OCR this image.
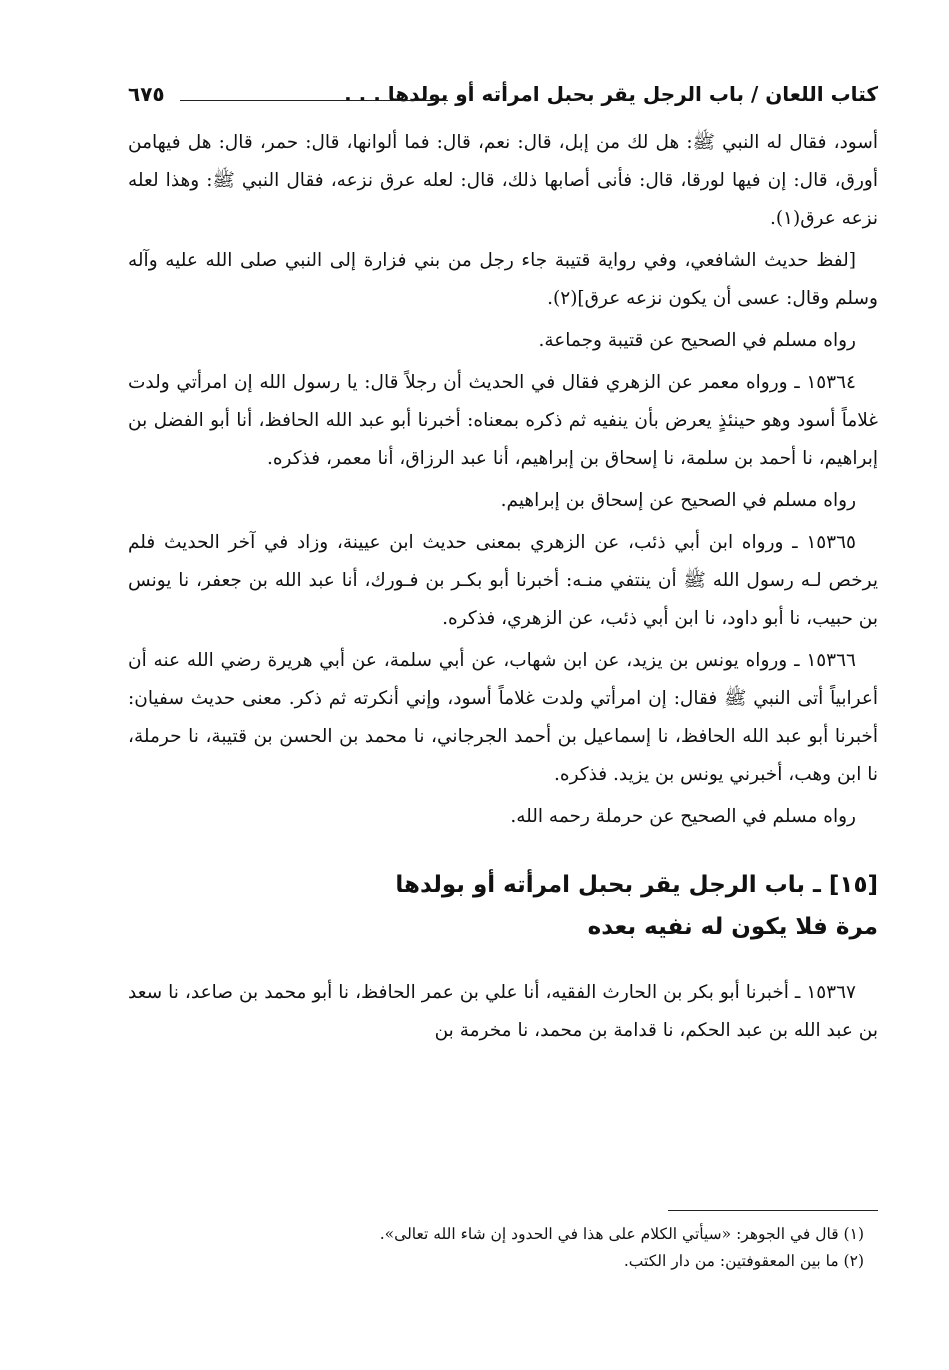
كتاب اللعان / باب الرجل يقر بحبل امرأته أو بولدها . . .
٦٧٥

أسود، فقال له النبي ﷺ: هل لك من إبل، قال: نعم، قال: فما ألوانها، قال: حمر، قال: هل فيهامن أورق، قال: إن فيها لورقا، قال: فأنى أصابها ذلك، قال: لعله عرق نزعه، فقال النبي ﷺ: وهذا لعله نزعه عرق(١).

[لفظ حديث الشافعي، وفي رواية قتيبة جاء رجل من بني فزارة إلى النبي صلى الله عليه وآله وسلم وقال: عسى أن يكون نزعه عرق](٢).

رواه مسلم في الصحيح عن قتيبة وجماعة.

١٥٣٦٤ ـ ورواه معمر عن الزهري فقال في الحديث أن رجلاً قال: يا رسول الله إن امرأتي ولدت غلاماً أسود وهو حينئذٍ يعرض بأن ينفيه ثم ذكره بمعناه: أخبرنا أبو عبد الله الحافظ، أنا أبو الفضل بن إبراهيم، نا أحمد بن سلمة، نا إسحاق بن إبراهيم، أنا عبد الرزاق، أنا معمر، فذكره.

رواه مسلم في الصحيح عن إسحاق بن إبراهيم.

١٥٣٦٥ ـ ورواه ابن أبي ذئب، عن الزهري بمعنى حديث ابن عيينة، وزاد في آخر الحديث فلم يرخص لـه رسول الله ﷺ أن ينتفي منـه: أخبرنا أبو بكـر بن فـورك، أنا عبد الله بن جعفر، نا يونس بن حبيب، نا أبو داود، نا ابن أبي ذئب، عن الزهري، فذكره.

١٥٣٦٦ ـ ورواه يونس بن يزيد، عن ابن شهاب، عن أبي سلمة، عن أبي هريرة رضي الله عنه أن أعرابياً أتى النبي ﷺ فقال: إن امرأتي ولدت غلاماً أسود، وإني أنكرته ثم ذكر. معنى حديث سفيان: أخبرنا أبو عبد الله الحافظ، نا إسماعيل بن أحمد الجرجاني، نا محمد بن الحسن بن قتيبة، نا حرملة، نا ابن وهب، أخبرني يونس بن يزيد. فذكره.

رواه مسلم في الصحيح عن حرملة رحمه الله.

[١٥] ـ باب الرجل يقر بحبل امرأته أو بولدها
مرة فلا يكون له نفيه بعده

١٥٣٦٧ ـ أخبرنا أبو بكر بن الحارث الفقيه، أنا علي بن عمر الحافظ، نا أبو محمد بن صاعد، نا سعد بن عبد الله بن عبد الحكم، نا قدامة بن محمد، نا مخرمة بن

(١) قال في الجوهر: «سيأتي الكلام على هذا في الحدود إن شاء الله تعالى».

(٢) ما بين المعقوفتين: من دار الكتب.
